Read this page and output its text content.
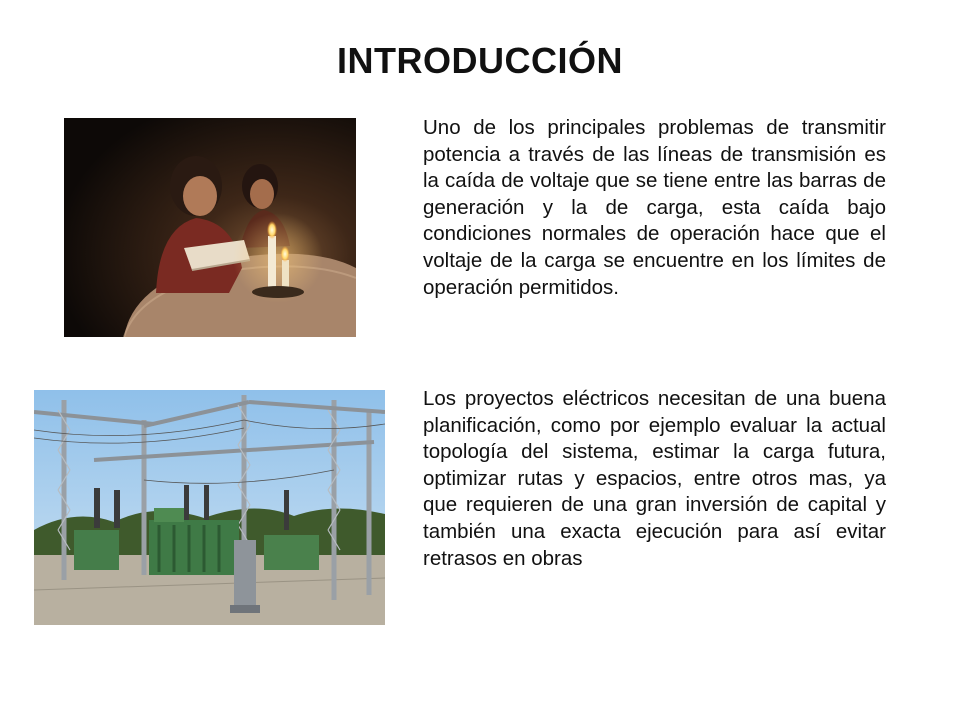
INTRODUCCIÓN
Uno de los principales problemas de transmitir potencia a través de las líneas de transmisión es la caída de voltaje que se tiene entre las barras de generación y la de carga, esta caída bajo condiciones normales de operación hace que el voltaje de la carga se encuentre en los límites de operación permitidos.
Los proyectos eléctricos necesitan de una buena planificación, como por ejemplo evaluar la actual topología del sistema, estimar la carga futura, optimizar rutas y espacios, entre otros mas, ya que requieren de una gran inversión de capital y también una exacta ejecución para así evitar retrasos en obras
